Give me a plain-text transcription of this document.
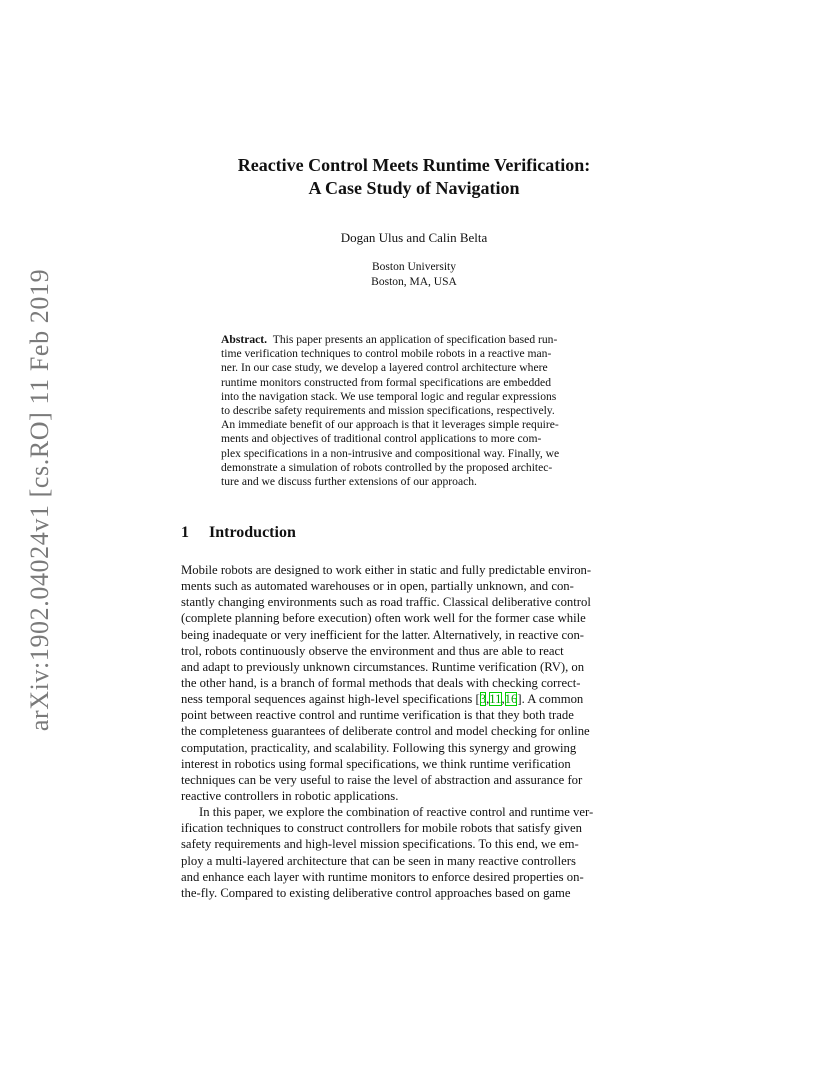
arXiv:1902.04024v1 [cs.RO] 11 Feb 2019
Reactive Control Meets Runtime Verification:
A Case Study of Navigation
Dogan Ulus and Calin Belta
Boston University
Boston, MA, USA
Abstract. This paper presents an application of specification based run-
time verification techniques to control mobile robots in a reactive man-
ner. In our case study, we develop a layered control architecture where
runtime monitors constructed from formal specifications are embedded
into the navigation stack. We use temporal logic and regular expressions
to describe safety requirements and mission specifications, respectively.
An immediate benefit of our approach is that it leverages simple require-
ments and objectives of traditional control applications to more com-
plex specifications in a non-intrusive and compositional way. Finally, we
demonstrate a simulation of robots controlled by the proposed architec-
ture and we discuss further extensions of our approach.
1 Introduction
Mobile robots are designed to work either in static and fully predictable environ-
ments such as automated warehouses or in open, partially unknown, and con-
stantly changing environments such as road traffic. Classical deliberative control
(complete planning before execution) often work well for the former case while
being inadequate or very inefficient for the latter. Alternatively, in reactive con-
trol, robots continuously observe the environment and thus are able to react
and adapt to previously unknown circumstances. Runtime verification (RV), on
the other hand, is a branch of formal methods that deals with checking correct-
ness temporal sequences against high-level specifications [3,11,16]. A common
point between reactive control and runtime verification is that they both trade
the completeness guarantees of deliberate control and model checking for online
computation, practicality, and scalability. Following this synergy and growing
interest in robotics using formal specifications, we think runtime verification
techniques can be very useful to raise the level of abstraction and assurance for
reactive controllers in robotic applications.
In this paper, we explore the combination of reactive control and runtime ver-
ification techniques to construct controllers for mobile robots that satisfy given
safety requirements and high-level mission specifications. To this end, we em-
ploy a multi-layered architecture that can be seen in many reactive controllers
and enhance each layer with runtime monitors to enforce desired properties on-
the-fly. Compared to existing deliberative control approaches based on game
